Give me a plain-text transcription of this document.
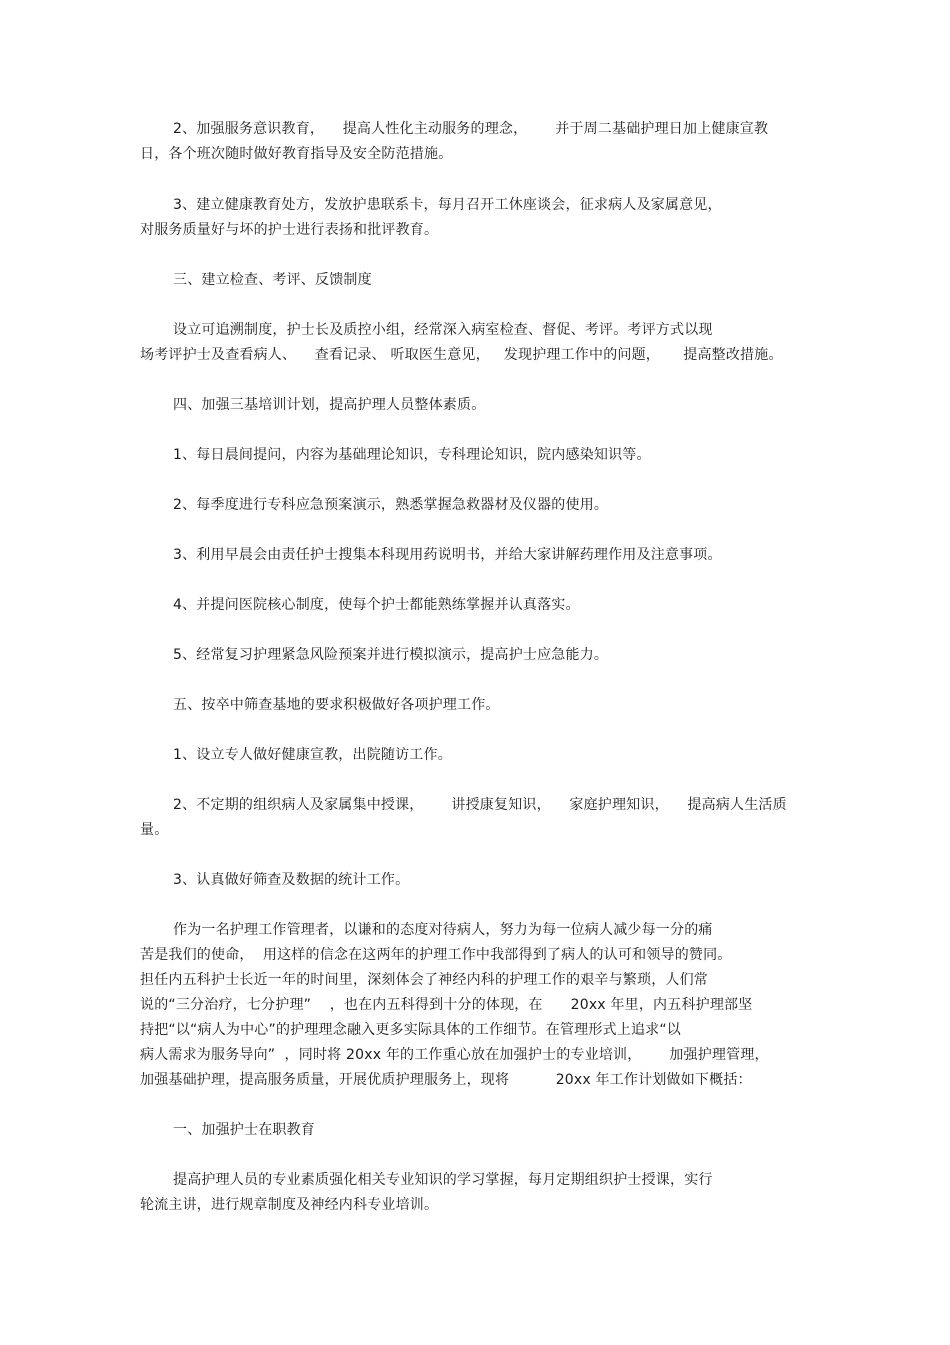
2、加强服务意识教育，    提高人性化主动服务的理念，      并于周二基础护理日加上健康宣教
日，各个班次随时做好教育指导及安全防范措施。
3、建立健康教育处方，发放护患联系卡，每月召开工休座谈会，征求病人及家属意见，
对服务质量好与坏的护士进行表扬和批评教育。
三、建立检查、考评、反馈制度
设立可追溯制度，护士长及质控小组，经常深入病室检查、督促、考评。考评方式以现
场考评护士及查看病人、    查看记录、 听取医生意见，   发现护理工作中的问题，     提高整改措施。
四、加强三基培训计划，提高护理人员整体素质。
1、每日晨间提问，内容为基础理论知识，专科理论知识，院内感染知识等。
2、每季度进行专科应急预案演示，熟悉掌握急救器材及仪器的使用。
3、利用早晨会由责任护士搜集本科现用药说明书，并给大家讲解药理作用及注意事项。
4、并提问医院核心制度，使每个护士都能熟练掌握并认真落实。
5、经常复习护理紧急风险预案并进行模拟演示，提高护士应急能力。
五、按卒中筛查基地的要求积极做好各项护理工作。
1、设立专人做好健康宣教，出院随访工作。
2、不定期的组织病人及家属集中授课，      讲授康复知识，    家庭护理知识，    提高病人生活质
量。
3、认真做好筛查及数据的统计工作。
作为一名护理工作管理者，以谦和的态度对待病人，努力为每一位病人减少每一分的痛
苦是我们的使命，  用这样的信念在这两年的护理工作中我部得到了病人的认可和领导的赞同。
担任内五科护士长近一年的时间里，深刻体会了神经内科的护理工作的艰辛与繁琐，人们常
说的“三分治疗，七分护理”    ，也在内五科得到十分的体现，在      20xx 年里，内五科护理部坚
持把“以“病人为中心”的护理理念融入更多实际具体的工作细节。在管理形式上追求“以
病人需求为服务导向”  ，同时将 20xx 年的工作重心放在加强护士的专业培训，      加强护理管理，
加强基础护理，提高服务质量，开展优质护理服务上，现将          20xx 年工作计划做如下概括：
一、加强护士在职教育
提高护理人员的专业素质强化相关专业知识的学习掌握，每月定期组织护士授课，实行
轮流主讲，进行规章制度及神经内科专业培训。
